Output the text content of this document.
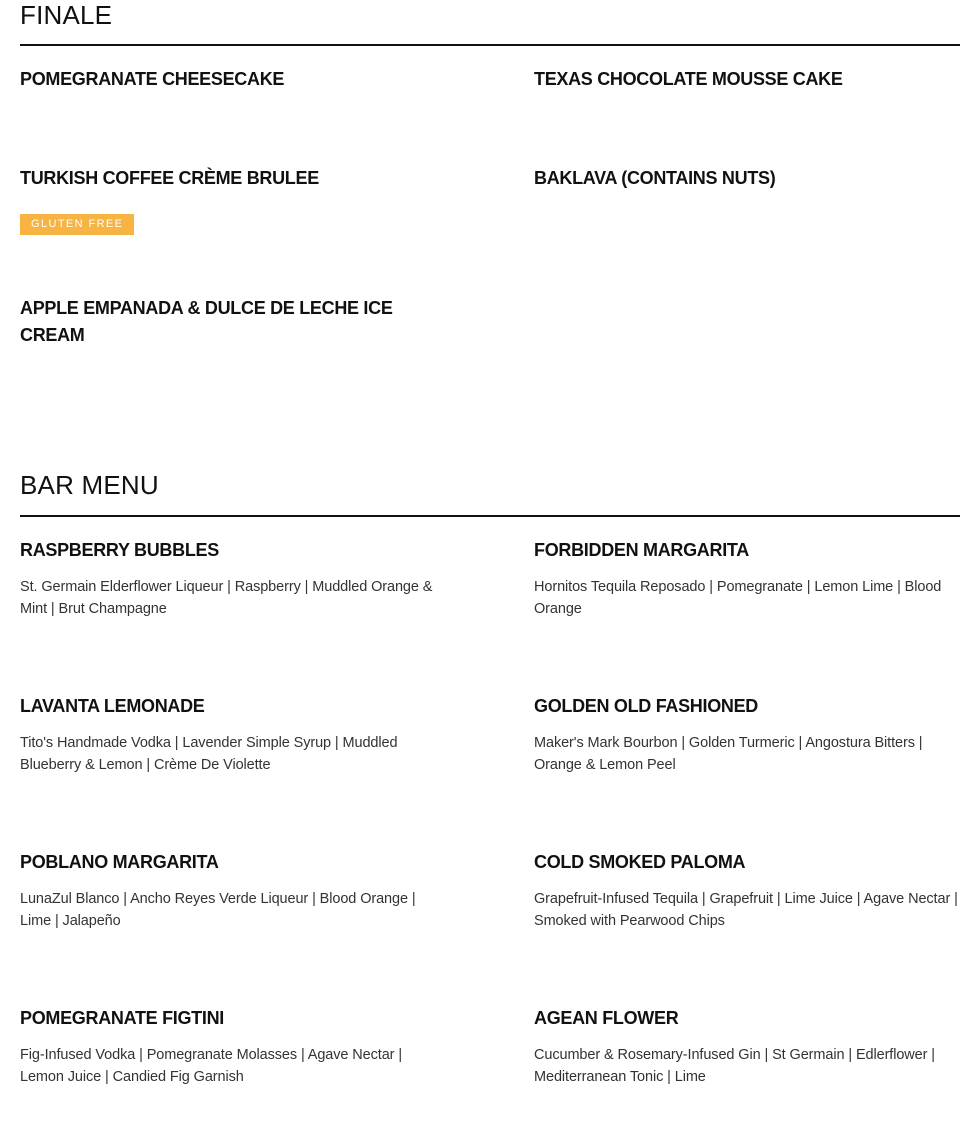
FINALE
POMEGRANATE CHEESECAKE	TEXAS CHOCOLATE MOUSSE CAKE
TURKISH COFFEE CRÈME BRULEE
GLUTEN FREE
BAKLAVA (CONTAINS NUTS)
APPLE EMPANADA & DULCE DE LECHE ICE CREAM
BAR MENU
RASPBERRY BUBBLES

St. Germain Elderflower Liqueur | Raspberry | Muddled Orange & Mint | Brut Champagne

FORBIDDEN MARGARITA

Hornitos Tequila Reposado | Pomegranate | Lemon Lime | Blood Orange

LAVANTA LEMONADE

Tito's Handmade Vodka | Lavender Simple Syrup | Muddled Blueberry & Lemon | Crème De Violette

GOLDEN OLD FASHIONED

Maker's Mark Bourbon | Golden Turmeric | Angostura Bitters | Orange & Lemon Peel

POBLANO MARGARITA

LunaZul Blanco | Ancho Reyes Verde Liqueur | Blood Orange | Lime | Jalapeño

COLD SMOKED PALOMA

Grapefruit-Infused Tequila | Grapefruit | Lime Juice | Agave Nectar | Smoked with Pearwood Chips

POMEGRANATE FIGTINI

Fig-Infused Vodka | Pomegranate Molasses | Agave Nectar | Lemon Juice | Candied Fig Garnish

AGEAN FLOWER

Cucumber & Rosemary-Infused Gin | St Germain | Edlerflower | Mediterranean Tonic | Lime
